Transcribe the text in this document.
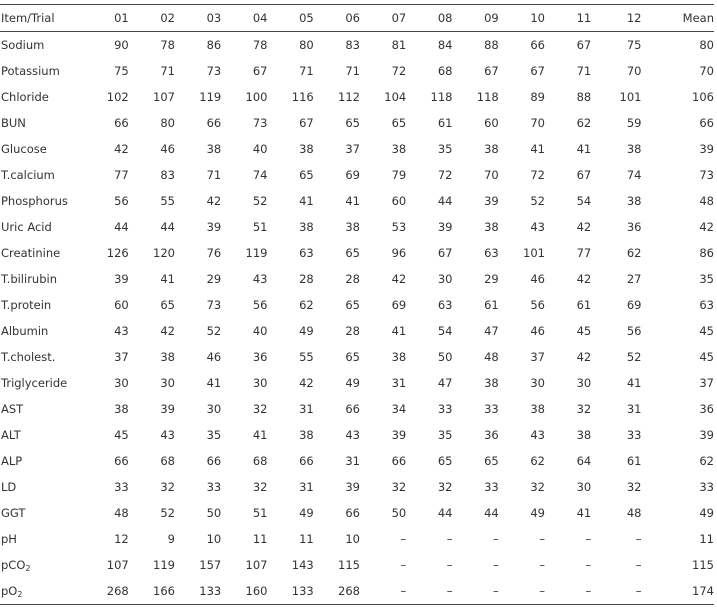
Item/Trial	01	02	03	04	05	06	07	08	09	10	11	12	Mean
Sodium	90	78	86	78	80	83	81	84	88	66	67	75	80
Potassium	75	71	73	67	71	71	72	68	67	67	71	70	70
Chloride	102	107	119	100	116	112	104	118	118	89	88	101	106
BUN	66	80	66	73	67	65	65	61	60	70	62	59	66
Glucose	42	46	38	40	38	37	38	35	38	41	41	38	39
T.calcium	77	83	71	74	65	69	79	72	70	72	67	74	73
Phosphorus	56	55	42	52	41	41	60	44	39	52	54	38	48
Uric Acid	44	44	39	51	38	38	53	39	38	43	42	36	42
Creatinine	126	120	76	119	63	65	96	67	63	101	77	62	86
T.bilirubin	39	41	29	43	28	28	42	30	29	46	42	27	35
T.protein	60	65	73	56	62	65	69	63	61	56	61	69	63
Albumin	43	42	52	40	49	28	41	54	47	46	45	56	45
T.cholest.	37	38	46	36	55	65	38	50	48	37	42	52	45
Triglyceride	30	30	41	30	42	49	31	47	38	30	30	41	37
AST	38	39	30	32	31	66	34	33	33	38	32	31	36
ALT	45	43	35	41	38	43	39	35	36	43	38	33	39
ALP	66	68	66	68	66	31	66	65	65	62	64	61	62
LD	33	32	33	32	31	39	32	32	33	32	30	32	33
GGT	48	52	50	51	49	66	50	44	44	49	41	48	49
pH	12	9	10	11	11	10	–	–	–	–	–	–	11
pCO$_2$	107	119	157	107	143	115	–	–	–	–	–	–	115
$pO_2$	268	166	133	160	133	268	–	–	–	–	–	–	174
